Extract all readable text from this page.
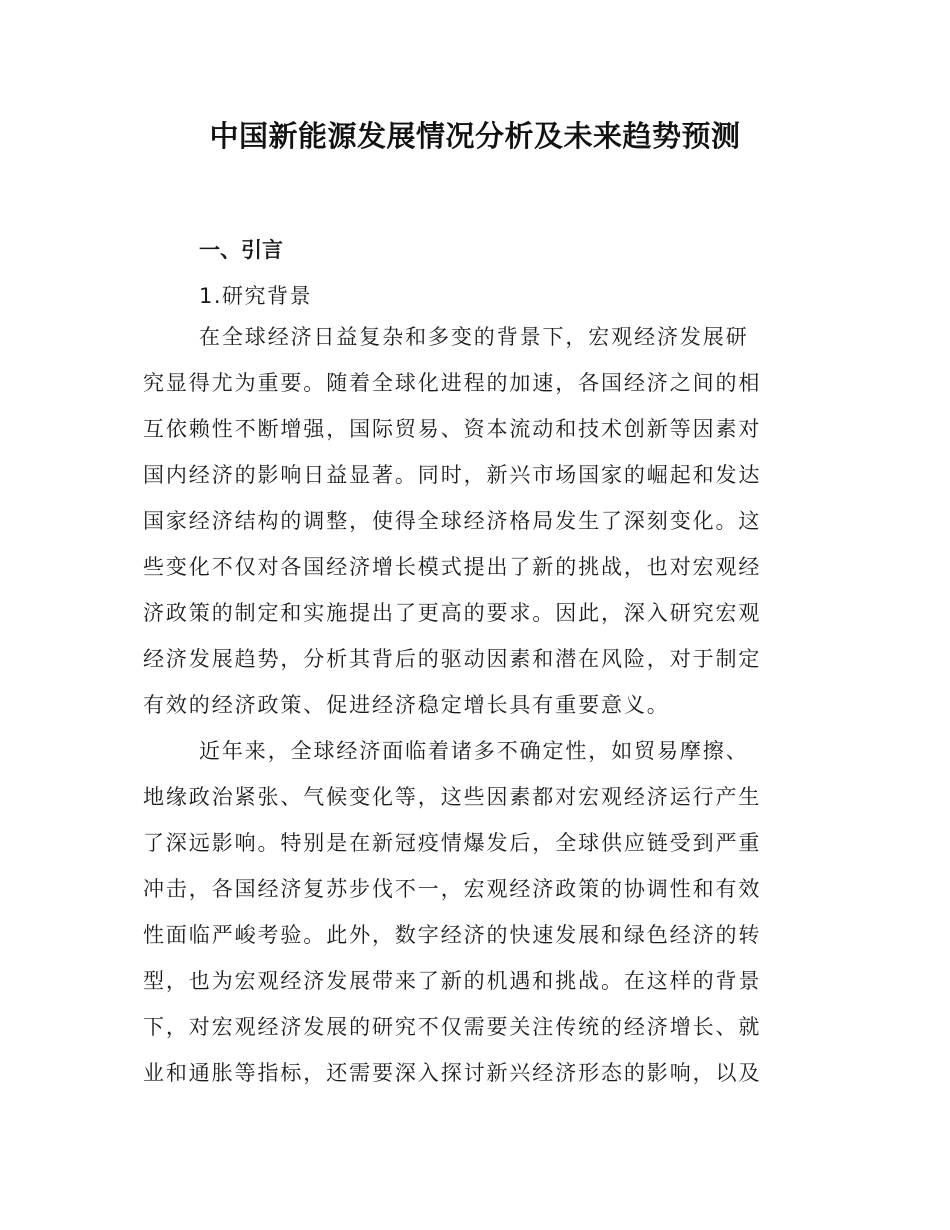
中国新能源发展情况分析及未来趋势预测
一、引言
1.研究背景
在全球经济日益复杂和多变的背景下，宏观经济发展研
究显得尤为重要。随着全球化进程的加速，各国经济之间的相
互依赖性不断增强，国际贸易、资本流动和技术创新等因素对
国内经济的影响日益显著。同时，新兴市场国家的崛起和发达
国家经济结构的调整，使得全球经济格局发生了深刻变化。这
些变化不仅对各国经济增长模式提出了新的挑战，也对宏观经
济政策的制定和实施提出了更高的要求。因此，深入研究宏观
经济发展趋势，分析其背后的驱动因素和潜在风险，对于制定
有效的经济政策、促进经济稳定增长具有重要意义。
近年来，全球经济面临着诸多不确定性，如贸易摩擦、
地缘政治紧张、气候变化等，这些因素都对宏观经济运行产生
了深远影响。特别是在新冠疫情爆发后，全球供应链受到严重
冲击，各国经济复苏步伐不一，宏观经济政策的协调性和有效
性面临严峻考验。此外，数字经济的快速发展和绿色经济的转
型，也为宏观经济发展带来了新的机遇和挑战。在这样的背景
下，对宏观经济发展的研究不仅需要关注传统的经济增长、就
业和通胀等指标，还需要深入探讨新兴经济形态的影响，以及
